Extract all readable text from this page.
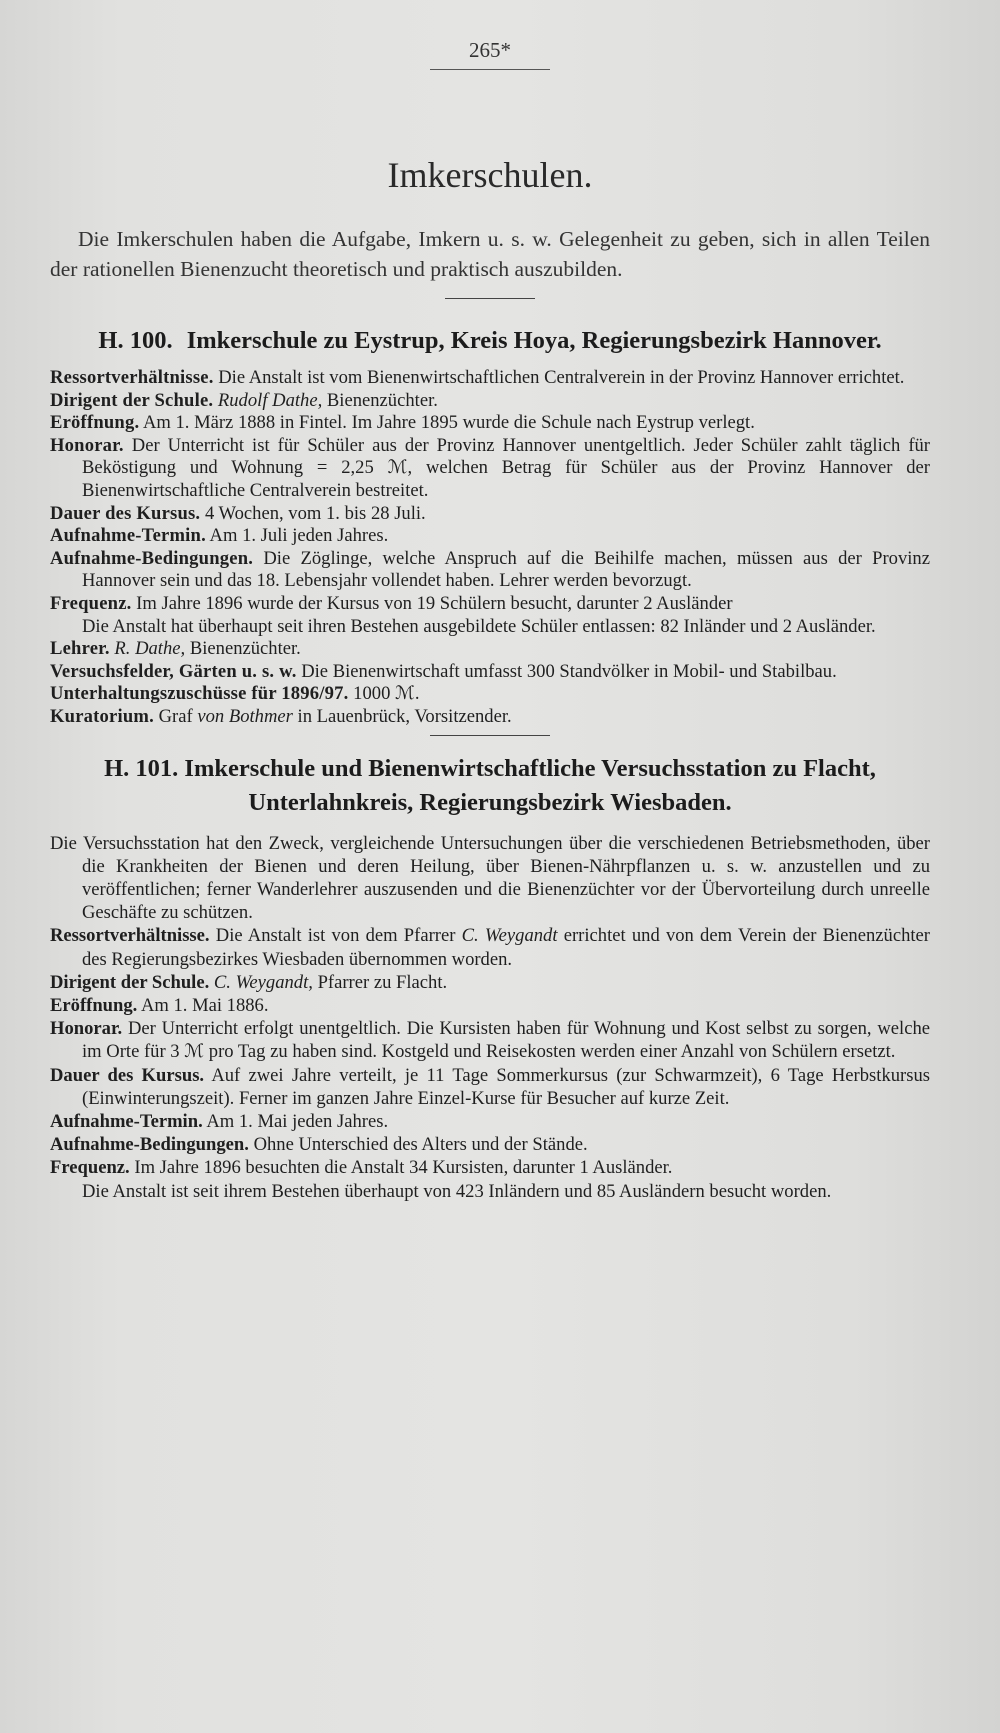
265*
Imkerschulen.

Die Imkerschulen haben die Aufgabe, Imkern u. s. w. Gelegenheit zu geben, sich in allen Teilen der rationellen Bienenzucht theoretisch und praktisch auszubilden.

H. 100. Imkerschule zu Eystrup, Kreis Hoya, Regierungsbezirk Hannover.

Ressortverhältnisse. Die Anstalt ist vom Bienenwirtschaftlichen Centralverein in der Provinz Hannover errichtet.

Dirigent der Schule. Rudolf Dathe, Bienenzüchter.

Eröffnung. Am 1. März 1888 in Fintel. Im Jahre 1895 wurde die Schule nach Eystrup verlegt.

Honorar. Der Unterricht ist für Schüler aus der Provinz Hannover unentgeltlich. Jeder Schüler zahlt täglich für Beköstigung und Wohnung = 2,25 ℳ, welchen Betrag für Schüler aus der Provinz Hannover der Bienenwirtschaftliche Centralverein bestreitet.

Dauer des Kursus. 4 Wochen, vom 1. bis 28 Juli.

Aufnahme-Termin. Am 1. Juli jeden Jahres.

Aufnahme-Bedingungen. Die Zöglinge, welche Anspruch auf die Beihilfe machen, müssen aus der Provinz Hannover sein und das 18. Lebensjahr vollendet haben. Lehrer werden bevorzugt.

Frequenz. Im Jahre 1896 wurde der Kursus von 19 Schülern besucht, darunter 2 Ausländer

Die Anstalt hat überhaupt seit ihren Bestehen ausgebildete Schüler entlassen: 82 Inländer und 2 Ausländer.

Lehrer. R. Dathe, Bienenzüchter.

Versuchsfelder, Gärten u. s. w. Die Bienenwirtschaft umfasst 300 Standvölker in Mobil- und Stabilbau.

Unterhaltungszuschüsse für 1896/97. 1000 ℳ.

Kuratorium. Graf von Bothmer in Lauenbrück, Vorsitzender.

H. 101. Imkerschule und Bienenwirtschaftliche Versuchsstation zu Flacht, Unterlahnkreis, Regierungsbezirk Wiesbaden.

Die Versuchsstation hat den Zweck, vergleichende Untersuchungen über die verschiedenen Betriebsmethoden, über die Krankheiten der Bienen und deren Heilung, über Bienen-Nährpflanzen u. s. w. anzustellen und zu veröffentlichen; ferner Wanderlehrer auszusenden und die Bienenzüchter vor der Übervorteilung durch unreelle Geschäfte zu schützen.

Ressortverhältnisse. Die Anstalt ist von dem Pfarrer C. Weygandt errichtet und von dem Verein der Bienenzüchter des Regierungsbezirkes Wiesbaden übernommen worden.

Dirigent der Schule. C. Weygandt, Pfarrer zu Flacht.

Eröffnung. Am 1. Mai 1886.

Honorar. Der Unterricht erfolgt unentgeltlich. Die Kursisten haben für Wohnung und Kost selbst zu sorgen, welche im Orte für 3 ℳ pro Tag zu haben sind. Kostgeld und Reisekosten werden einer Anzahl von Schülern ersetzt.

Dauer des Kursus. Auf zwei Jahre verteilt, je 11 Tage Sommerkursus (zur Schwarmzeit), 6 Tage Herbstkursus (Einwinterungszeit). Ferner im ganzen Jahre Einzel-Kurse für Besucher auf kurze Zeit.

Aufnahme-Termin. Am 1. Mai jeden Jahres.

Aufnahme-Bedingungen. Ohne Unterschied des Alters und der Stände.

Frequenz. Im Jahre 1896 besuchten die Anstalt 34 Kursisten, darunter 1 Ausländer.

Die Anstalt ist seit ihrem Bestehen überhaupt von 423 Inländern und 85 Ausländern besucht worden.
